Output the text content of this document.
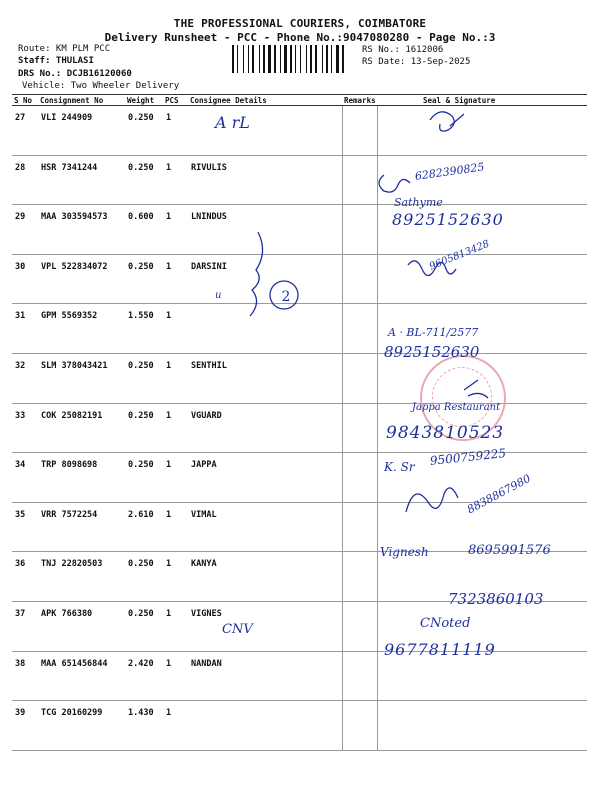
THE PROFESSIONAL COURIERS, COIMBATORE
Delivery Runsheet - PCC - Phone No.:9047080280 - Page No.:3
Route: KM PLM PCC
Staff: THULASI
DRS No.: DCJB16120060
Vehicle: Two Wheeler Delivery
RS No.: 1612006
RS Date: 13-Sep-2025
S No	Consignment No	Weight	PCS	Consignee Details	Remarks	Seal & Signature
27	VLI 244909	0.250	1			
28	HSR 7341244	0.250	1	RIVULIS		
29	MAA 303594573	0.600	1	LNINDUS		
30	VPL 522834072	0.250	1	DARSINI		
31	GPM 5569352	1.550	1			
32	SLM 378043421	0.250	1	SENTHIL		
33	COK 25082191	0.250	1	VGUARD		
34	TRP 8098698	0.250	1	JAPPA		
35	VRR 7572254	2.610	1	VIMAL		
36	TNJ 22820503	0.250	1	KANYA		
37	APK 766380	0.250	1	VIGNES		
38	MAA 651456844	2.420	1	NANDAN		
39	TCG 20160299	1.430	1			
2
A rL
6282390825
Sathyme
8925152630
u
9605813428
A · BL-711/2577
8925152630
Jappa Restaurant
9843810523
K. Sr 9500759225
8838867980
Vignesh	8695991576
7323860103
CNV	CNoted
9677811119
